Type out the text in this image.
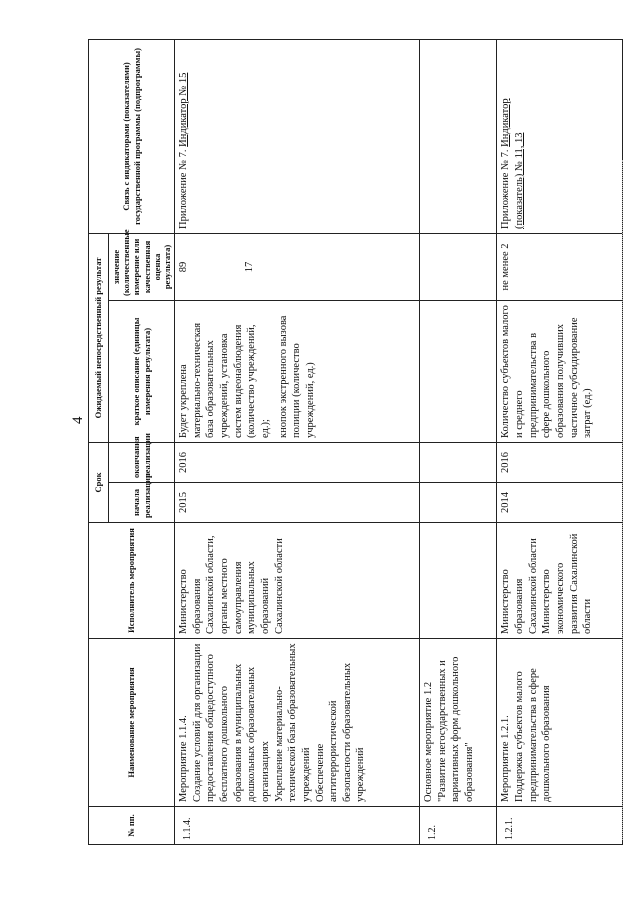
4
№ пп.	Наименование мероприятия	Исполнитель мероприятия	Срок		Ожидаемый непосредственный результат		Связь с индикаторами (показателями) государственной программы (подпрограммы)
			начала реализации	окончания реализации	краткое описание (единицы измерения результата)	значение (количественные измерение или качественная оценка результата)	
1.1.4.	Мероприятие 1.1.4. Создание условий для организации предоставления общедоступного бесплатного дошкольного образования в муниципальных дошкольных образовательных организациях Укрепление материально-технической базы образовательных учреждений Обеспечение антитеррористической безопасности образовательных учреждений	Министерство образования Сахалинской области, органы местного самоуправления муниципальных образований Сахалинской области	2015	2016	Будет укреплена материально-техническая база образовательных учреждений, установка систем видеонаблюдения (количество учреждений, ед.); кнопок экстренного вызова полиции (количество учреждений, ед.)	89 17	Приложение № 7. Индикатор № 15
1.2.	Основное мероприятие 1.2 "Развитие негосударственных и вариативных форм дошкольного образования"						
1.2.1.	Мероприятие 1.2.1. Поддержка субъектов малого предпринимательства в сфере дошкольного образования	Министерство образования Сахалинской области Министерство экономического развития Сахалинской области	2014	2016	Количество субъектов малого и среднего предпринимательства в сфере дошкольного образования получивших частичное субсидирование затрат (ед.)	не менее 2	Приложение № 7. Индикатор (показатель) № 11, 13
